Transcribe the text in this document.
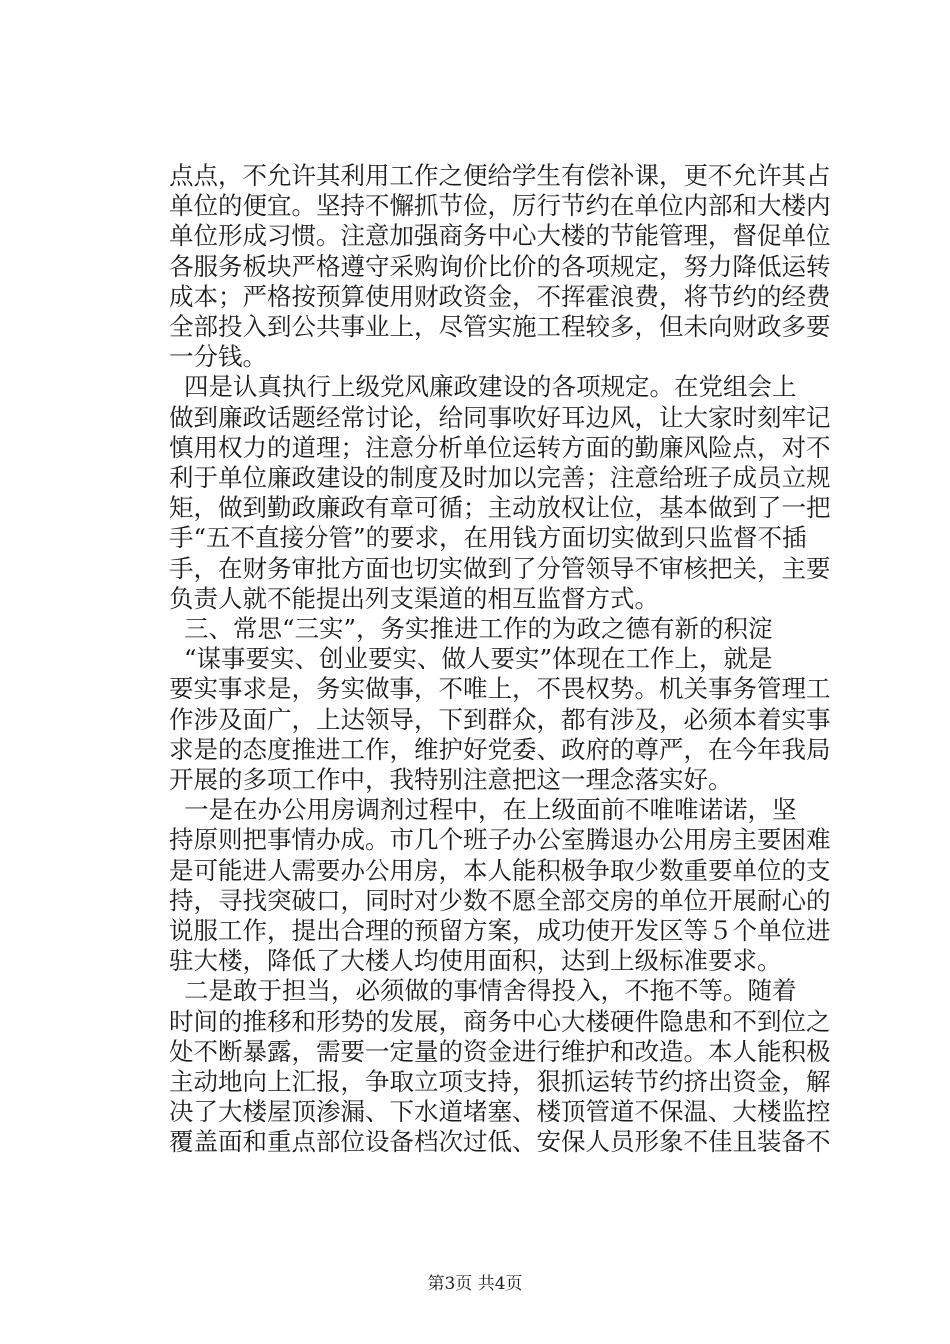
点点，不允许其利用工作之便给学生有偿补课，更不允许其占
单位的便宜。坚持不懈抓节俭，厉行节约在单位内部和大楼内
单位形成习惯。注意加强商务中心大楼的节能管理，督促单位
各服务板块严格遵守采购询价比价的各项规定，努力降低运转
成本；严格按预算使用财政资金，不挥霍浪费，将节约的经费
全部投入到公共事业上，尽管实施工程较多，但未向财政多要
一分钱。
四是认真执行上级党风廉政建设的各项规定。在党组会上
做到廉政话题经常讨论，给同事吹好耳边风，让大家时刻牢记
慎用权力的道理；注意分析单位运转方面的勤廉风险点，对不
利于单位廉政建设的制度及时加以完善；注意给班子成员立规
矩，做到勤政廉政有章可循；主动放权让位，基本做到了一把
手“五不直接分管”的要求，在用钱方面切实做到只监督不插
手，在财务审批方面也切实做到了分管领导不审核把关，主要
负责人就不能提出列支渠道的相互监督方式。
三、常思“三实”，务实推进工作的为政之德有新的积淀
“谋事要实、创业要实、做人要实”体现在工作上，就是
要实事求是，务实做事，不唯上，不畏权势。机关事务管理工
作涉及面广，上达领导，下到群众，都有涉及，必须本着实事
求是的态度推进工作，维护好党委、政府的尊严，在今年我局
开展的多项工作中，我特别注意把这一理念落实好。
一是在办公用房调剂过程中，在上级面前不唯唯诺诺，坚
持原则把事情办成。市几个班子办公室腾退办公用房主要困难
是可能进人需要办公用房，本人能积极争取少数重要单位的支
持，寻找突破口，同时对少数不愿全部交房的单位开展耐心的
说服工作，提出合理的预留方案，成功使开发区等５个单位进
驻大楼，降低了大楼人均使用面积，达到上级标准要求。
二是敢于担当，必须做的事情舍得投入，不拖不等。随着
时间的推移和形势的发展，商务中心大楼硬件隐患和不到位之
处不断暴露，需要一定量的资金进行维护和改造。本人能积极
主动地向上汇报，争取立项支持，狠抓运转节约挤出资金，解
决了大楼屋顶渗漏、下水道堵塞、楼顶管道不保温、大楼监控
覆盖面和重点部位设备档次过低、安保人员形象不佳且装备不
第3页 共4页
